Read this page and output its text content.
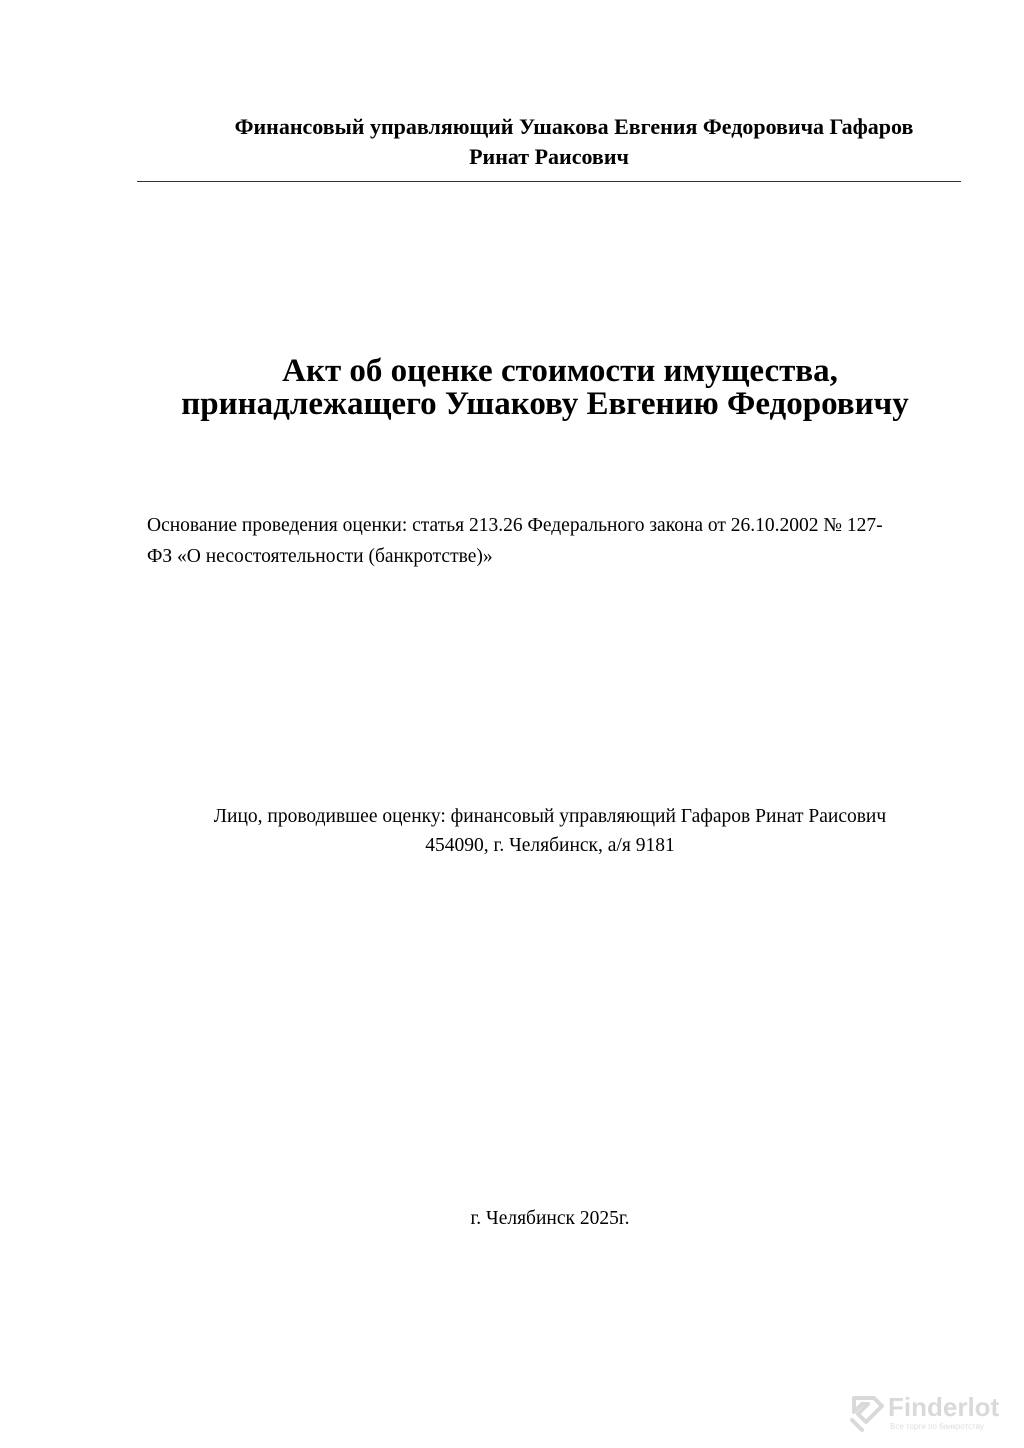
Финансовый управляющий Ушакова Евгения Федоровича Гафаров
Ринат Раисович
Акт об оценке стоимости имущества,
принадлежащего Ушакову Евгению Федоровичу
Основание проведения оценки: статья 213.26 Федерального закона от 26.10.2002 № 127-
ФЗ «О несостоятельности (банкротстве)»
Лицо, проводившее оценку: финансовый управляющий Гафаров Ринат Раисович
454090, г. Челябинск, а/я 9181
г. Челябинск 2025г.
Finderlot
Все торги по банкротству
